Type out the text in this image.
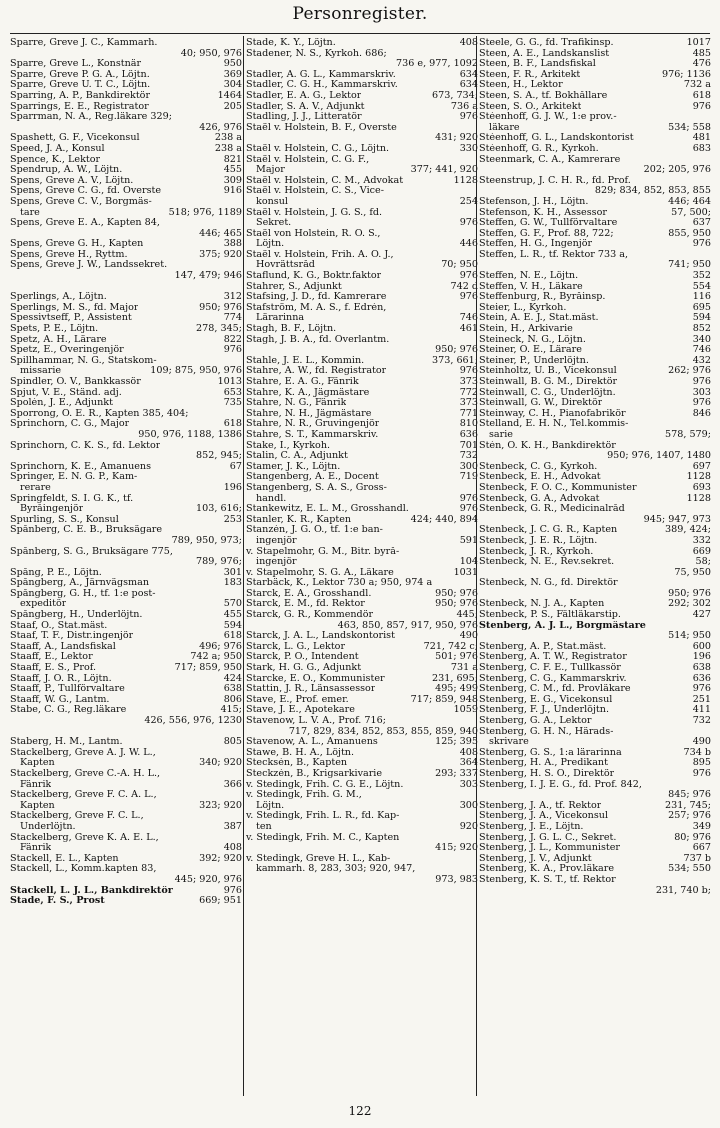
Personregister.
Sparre, Greve J. C., Kammarh.
40; 950, 976
Sparre, Greve L., Konstnär	950
Sparre, Greve P. G. A., Löjtn.	369
Sparre, Greve U. T. C., Löjtn.	304
Sparring, A. P., Bankdirektör	1464
Sparrings, E. E., Registrator	205
Sparrman, N. A., Reg.läkare 329;
426, 976
Spashett, G. F., Vicekonsul	238 a
Speed, J. A., Konsul	238 a
Spence, K., Lektor	821
Spendrup, A. W., Löjtn.	455
Spens, Greve A. V., Löjtn.	309
Spens, Greve C. G., fd. Överste	916
Spens, Greve C. V., Borgmäs-
tare	518; 976, 1189
Spens, Greve E. A., Kapten 84,
446; 465
Spens, Greve G. H., Kapten	388
Spens, Greve H., Ryttm.	375; 920
Spens, Greve J. W., Landssekret.
147, 479; 946
Sperlings, A., Löjtn.	312
Sperlings, M. S., fd. Major	950; 976
Spessivtseff, P., Assistent	774
Spets, P. E., Löjtn.	278, 345;
Spetz, A. H., Lärare	822
Spetz, E., Överingenjör	976
Spillhammar, N. G., Statskom-
missarie	109; 875, 950, 976
Spindler, O. V., Bankkassör	1013
Spjut, V. E., Ständ. adj.	653
Spolén, J. E., Adjunkt	735
Sporrong, O. E. R., Kapten 385, 404;
Sprinchorn, C. G., Major	618
950, 976, 1188, 1386
Sprinchorn, C. K. S., fd. Lektor
852, 945;
Sprinchorn, K. E., Amanuens	67
Springer, E. N. G. P., Kam-
rerare	196
Springfeldt, S. I. G. K., tf.
Byråingenjör	103, 616;
Spurling, S. S., Konsul	253
Spånberg, C. E. B., Bruksägare
789, 950, 973;
Spånberg, S. G., Bruksägare 775,
789, 976;
Spång, P. E., Löjtn.	301
Spångberg, A., Järnvägsman	183
Spångberg, G. H., tf. 1:e post-
expeditör	570
Spångberg, H., Underlöjtn.	455
Staaf, O., Stat.mäst.	594
Staaf, T. F., Distr.ingenjör	618
Staaff, A., Landsfiskal	496; 976
Staaff, E., Lektor	742 a; 950
Staaff, E. S., Prof.	717; 859, 950
Staaff, J. O. R., Löjtn.	424
Staaff, P., Tullförvaltare	638
Staaff, W. G., Lantm.	806
Stabe, C. G., Reg.läkare	415;
426, 556, 976, 1230
Staberg, H. M., Lantm.	805
Stackelberg, Greve A. J. W. L.,
Kapten	340; 920
Stackelberg, Greve C.-A. H. L.,
Fänrik	366
Stackelberg, Greve F. C. A. L.,
Kapten	323; 920
Stackelberg, Greve F. C. L.,
Underlöjtn.	387
Stackelberg, Greve K. A. E. L.,
Fänrik	408
Stackell, E. L., Kapten	392; 920
Stackell, L., Komm.kapten 83,
445; 920, 976
Stackell, L. J. L., Bankdirektör	976
Stade, F. S., Prost	669; 951
Stade, K. Y., Löjtn.	408
Stadener, N. S., Kyrkoh. 686;
736 e, 977, 1092
Stadler, A. G. L., Kammarskriv.	634
Stadler, C. G. H., Kammarskriv.	634
Stadler, E. A. G., Lektor	673, 734;
Stadler, S. A. V., Adjunkt	736 a
Stadling, J. J., Litteratör	976
Staël v. Holstein, B. F., Överste
431; 920
Staël v. Holstein, C. G., Löjtn.	330
Staël v. Holstein, C. G. F.,
Major	377; 441, 920
Staël v. Holstein, C. M., Advokat	1128
Staël v. Holstein, C. S., Vice-
konsul	254
Staël v. Holstein, J. G. S., fd.
Sekret.	976
Staël von Holstein, R. O. S.,
Löjtn.	446
Staël v. Holstein, Frih. A. O. J.,
Hovrättsråd	70; 950
Staflund, K. G., Boktr.faktor	976
Stahrer, S., Adjunkt	742 d
Stafsing, J. D., fd. Kamrerare	976
Stafström, M. A. S., f. Edrén,
Lärarinna	746
Stagh, B. F., Löjtn.	461
Stagh, J. B. A., fd. Överlantm.
950; 976
Stahle, J. E. L., Kommin.	373, 661;
Stahre, A. W., fd. Registrator	976
Stahre, E. A. G., Fänrik	373
Stahre, K. A., Jägmästare	772
Stahre, N. G., Fänrik	373
Stahre, N. H., Jägmästare	771
Stahre, N. R., Gruvingenjör	810
Stahre, S. T., Kammarskriv.	636
Stake, I., Kyrkoh.	701
Stalin, C. A., Adjunkt	732
Stamer, J. K., Löjtn.	300
Stangenberg, A. E., Docent	719
Stangenberg, S. A. S., Gross-
handl.	976
Stankewitz, E. L. M., Grosshandl.	976
Stanler, K. R., Kapten	424; 440, 894
Stanzén, J. G. O., tf. 1:e ban-
ingenjör	591
v. Stapelmohr, G. M., Bitr. byrå-
ingenjör	104
v. Stapelmohr, S. G. A., Läkare	1031
Starbäck, K., Lektor 730 a; 950, 974 a
Starck, E. A., Grosshandl.	950; 976
Starck, E. M., fd. Rektor	950; 976
Starck, G. R., Kommendör	445;
463, 850, 857, 917, 950, 976
Starck, J. A. L., Landskontorist	490
Starck, L. G., Lektor	721, 742 c;
Starck, P. O., Intendent	501; 976
Stark, H. G. G., Adjunkt	731 a
Starcke, E. O., Kommunister	231, 695;
Stattin, J. R., Länsassessor	495; 499
Stave, E., Prof. emer.	717; 859, 948
Stave, J. E., Apotekare	1059
Stavenow, L. V. A., Prof. 716;
717, 829, 834, 852, 853, 855, 859, 940
Stavenow, A. L., Amanuens	125; 395
Stawe, B. H. A., Löjtn.	408
Stecksén, B., Kapten	364
Steckzén, B., Krigsarkivarie	293; 337
v. Stedingk, Frih. C. G. E., Löjtn.	303
v. Stedingk, Frih. G. M.,
Löjtn.	300
v. Stedingk, Frih. L. R., fd. Kap-
ten	920
v. Stedingk, Frih. M. C., Kapten
415; 920
v. Stedingk, Greve H. L., Kab-
kammarh. 8, 283, 303; 920, 947,
973, 983
Steele, G. G., fd. Trafikinsp.	1017
Steen, A. E., Landskanslist	485
Steen, B. F., Landsfiskal	476
Steen, F. R., Arkitekt	976; 1136
Steen, H., Lektor	732 a
Steen, S. A., tf. Bokhållare	618
Steen, S. O., Arkitekt	976
Stéenhoff, G. J. W., 1:e prov.-
läkare	534; 558
Stéenhoff, G. L., Landskontorist	481
Stéenhoff, G. R., Kyrkoh.	683
Steenmark, C. A., Kamrerare
202; 205, 976
Steenstrup, J. C. H. R., fd. Prof.
829; 834, 852, 853, 855
Stefenson, J. H., Löjtn.	446; 464
Stefenson, K. H., Assessor	57, 500;
Steffen, G. W., Tullförvaltare	637
Steffen, G. F., Prof. 88, 722;	855, 950
Steffen, H. G., Ingenjör	976
Steffen, L. R., tf. Rektor 733 a,
741; 950
Steffen, N. E., Löjtn.	352
Steffen, V. H., Läkare	554
Steffenburg, R., Byråinsp.	116
Steier, L., Kyrkoh.	695
Stein, A. E. J., Stat.mäst.	594
Stein, H., Arkivarie	852
Steineck, N. G., Löjtn.	340
Steiner, O. E., Lärare	746
Steiner, P., Underlöjtn.	432
Steinholtz, U. B., Vicekonsul	262; 976
Steinwall, B. G. M., Direktör	976
Steinwall, C. G., Underlöjtn.	303
Steinwall, G. W., Direktör	976
Steinway, C. H., Pianofabrikör	846
Stelland, E. H. N., Tel.kommis-
sarie	578, 579;
Stén, O. K. H., Bankdirektör
950; 976, 1407, 1480
Stenbeck, C. G., Kyrkoh.	697
Stenbeck, E. H., Advokat	1128
Stenbeck, F. O. C., Kommunister	693
Stenbeck, G. A., Advokat	1128
Stenbeck, G. R., Medicinalråd
945; 947, 973
Stenbeck, J. C. G. R., Kapten	389, 424;
Stenbeck, J. E. R., Löjtn.	332
Stenbeck, J. R., Kyrkoh.	669
Stenbeck, N. E., Rev.sekret.	58;
75, 950
Stenbeck, N. G., fd. Direktör
950; 976
Stenbeck, N. J. A., Kapten	292; 302
Stenbeck, P. S., Fältläkarstip.	427
Stenberg, A. J. L., Borgmästare
514; 950
Stenberg, A. P., Stat.mäst.	600
Stenberg, A. T. W., Registrator	196
Stenberg, C. F. E., Tullkassör	638
Stenberg, C. G., Kammarskriv.	636
Stenberg, C. M., fd. Provläkare	976
Stenberg, E. G., Vicekonsul	251
Stenberg, F. J., Underlöjtn.	411
Stenberg, G. A., Lektor	732
Stenberg, G. H. N., Härads-
skrivare	490
Stenberg, G. S., 1:a lärarinna	734 b
Stenberg, H. A., Predikant	895
Stenberg, H. S. O., Direktör	976
Stenberg, I. J. E. G., fd. Prof. 842,
845; 976
Stenberg, J. A., tf. Rektor	231, 745;
Stenberg, J. A., Vicekonsul	257; 976
Stenberg, J. E., Löjtn.	349
Stenberg, J. G. L. C., Sekret.	80; 976
Stenberg, J. L., Kommunister	667
Stenberg, J. V., Adjunkt	737 b
Stenberg, K. A., Prov.läkare	534; 550
Stenberg, K. S. T., tf. Rektor
231, 740 b;
122
